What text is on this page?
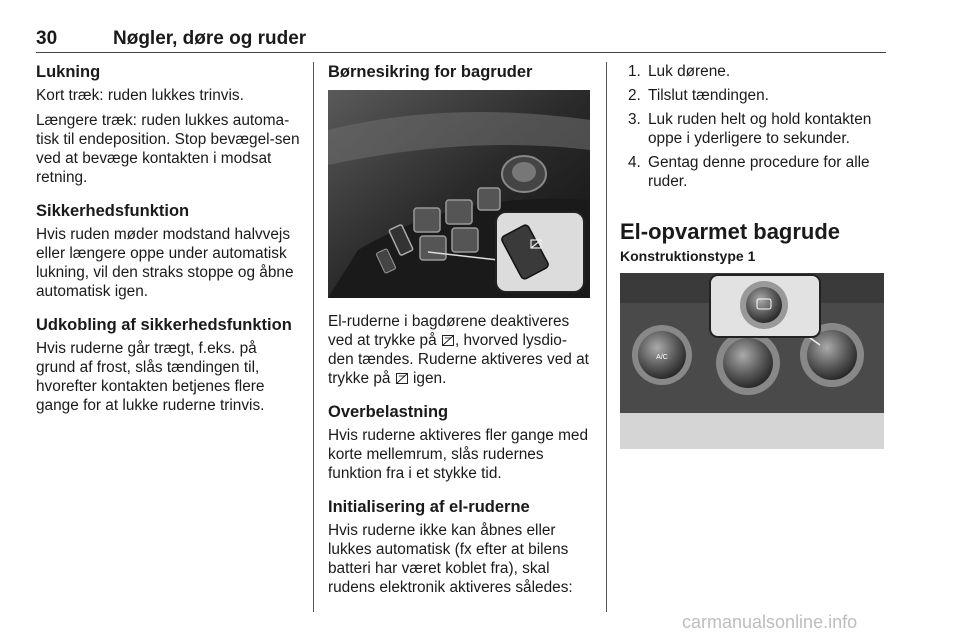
30	Nøgler, døre og ruder
Lukning

Kort træk: ruden lukkes trinvis.

Længere træk: ruden lukkes automa-tisk til endeposition. Stop bevægel-sen ved at bevæge kontakten i modsat retning.

Sikkerhedsfunktion

Hvis ruden møder modstand halvvejs eller længere oppe under automatisk lukning, vil den straks stoppe og åbne automatisk igen.

Udkobling af sikkerhedsfunktion

Hvis ruderne går trægt, f.eks. på grund af frost, slås tændingen til, hvorefter kontakten betjenes flere gange for at lukke ruderne trinvis.

Børnesikring for bagruder

El-ruderne i bagdørene deaktiveres ved at trykke på , hvorved lysdio-den tændes. Ruderne aktiveres ved at trykke på  igen.

Overbelastning

Hvis ruderne aktiveres fler gange med korte mellemrum, slås rudernes funktion fra i et stykke tid.

Initialisering af el-ruderne

Hvis ruderne ikke kan åbnes eller lukkes automatisk (fx efter at bilens batteri har været koblet fra), skal rudens elektronik aktiveres således:

1. Luk dørene.
2. Tilslut tændingen.
3. Luk ruden helt og hold kontakten oppe i yderligere to sekunder.
4. Gentag denne procedure for alle ruder.
El-opvarmet bagrude
Konstruktionstype 1
A/C
carmanualsonline.info
